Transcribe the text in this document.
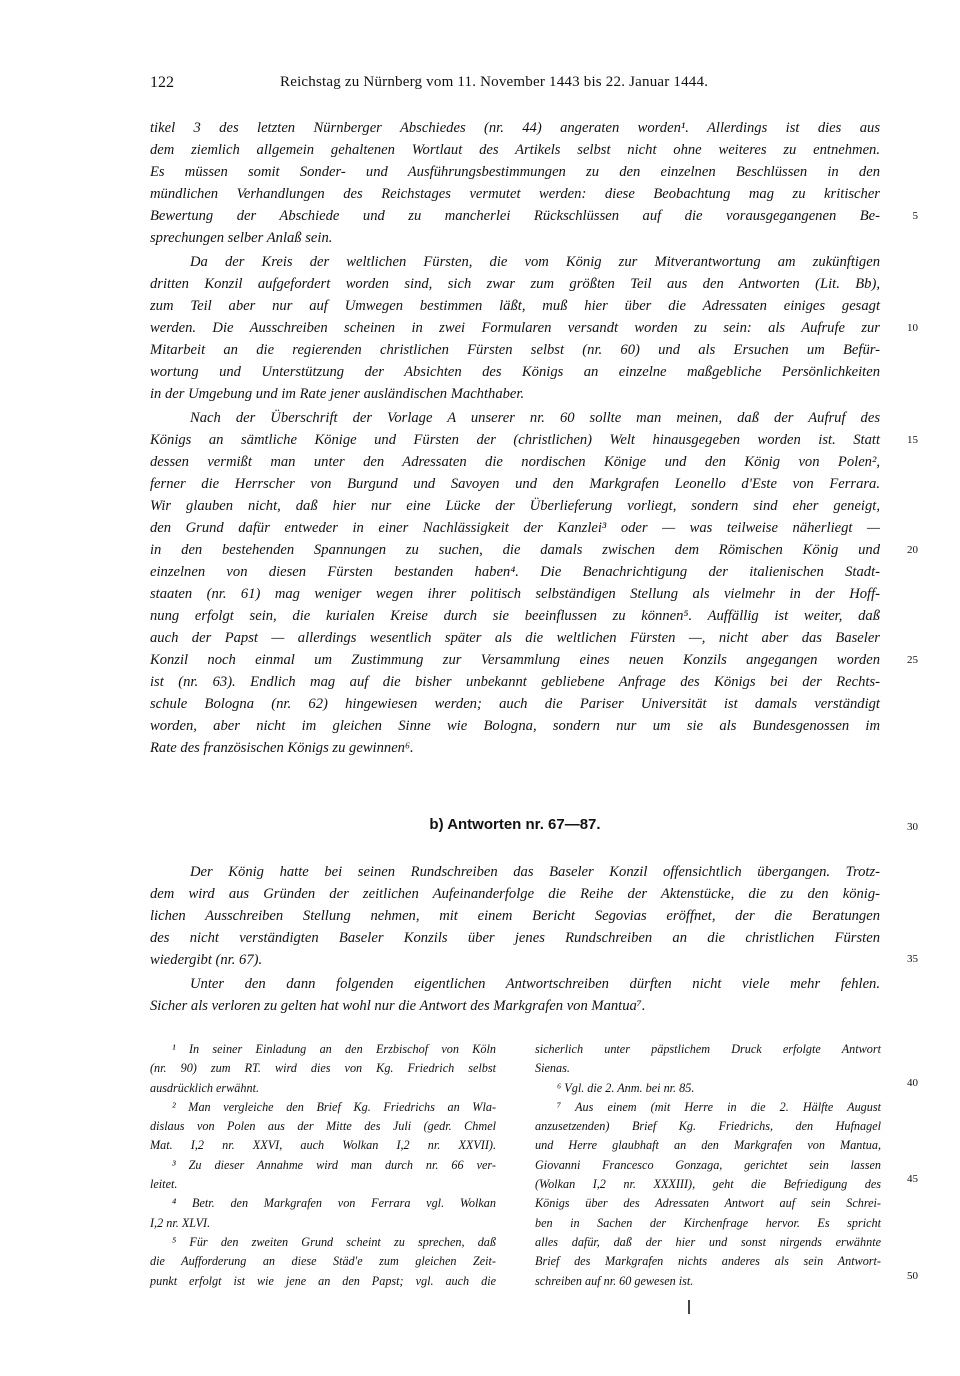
122	Reichstag zu Nürnberg vom 11. November 1443 bis 22. Januar 1444.
tikel 3 des letzten Nürnberger Abschiedes (nr. 44) angeraten worden¹. Allerdings ist dies aus
dem ziemlich allgemein gehaltenen Wortlaut des Artikels selbst nicht ohne weiteres zu entnehmen.
Es müssen somit Sonder- und Ausführungsbestimmungen zu den einzelnen Beschlüssen in den
mündlichen Verhandlungen des Reichstages vermutet werden: diese Beobachtung mag zu kritischer
Bewertung der Abschiede und zu mancherlei Rückschlüssen auf die vorausgegangenen Be-
sprechungen selber Anlaß sein.
Da der Kreis der weltlichen Fürsten, die vom König zur Mitverantwortung am zukünftigen
dritten Konzil aufgefordert worden sind, sich zwar zum größten Teil aus den Antworten (Lit. Bb),
zum Teil aber nur auf Umwegen bestimmen läßt, muß hier über die Adressaten einiges gesagt
werden. Die Ausschreiben scheinen in zwei Formularen versandt worden zu sein: als Aufrufe zur
Mitarbeit an die regierenden christlichen Fürsten selbst (nr. 60) und als Ersuchen um Befür-
wortung und Unterstützung der Absichten des Königs an einzelne maßgebliche Persönlichkeiten
in der Umgebung und im Rate jener ausländischen Machthaber.
Nach der Überschrift der Vorlage A unserer nr. 60 sollte man meinen, daß der Aufruf des
Königs an sämtliche Könige und Fürsten der (christlichen) Welt hinausgegeben worden ist. Statt
dessen vermißt man unter den Adressaten die nordischen Könige und den König von Polen²,
ferner die Herrscher von Burgund und Savoyen und den Markgrafen Leonello d'Este von Ferrara.
Wir glauben nicht, daß hier nur eine Lücke der Überlieferung vorliegt, sondern sind eher geneigt,
den Grund dafür entweder in einer Nachlässigkeit der Kanzlei³ oder — was teilweise näherliegt —
in den bestehenden Spannungen zu suchen, die damals zwischen dem Römischen König und
einzelnen von diesen Fürsten bestanden haben⁴. Die Benachrichtigung der italienischen Stadt-
staaten (nr. 61) mag weniger wegen ihrer politisch selbständigen Stellung als vielmehr in der Hoff-
nung erfolgt sein, die kurialen Kreise durch sie beeinflussen zu können⁵. Auffällig ist weiter, daß
auch der Papst — allerdings wesentlich später als die weltlichen Fürsten —, nicht aber das Baseler
Konzil noch einmal um Zustimmung zur Versammlung eines neuen Konzils angegangen worden
ist (nr. 63). Endlich mag auf die bisher unbekannt gebliebene Anfrage des Königs bei der Rechts-
schule Bologna (nr. 62) hingewiesen werden; auch die Pariser Universität ist damals verständigt
worden, aber nicht im gleichen Sinne wie Bologna, sondern nur um sie als Bundesgenossen im
Rate des französischen Königs zu gewinnen⁶.
5
10
15
20
25
30
35
40
45
50
b) Antworten nr. 67—87.
Der König hatte bei seinen Rundschreiben das Baseler Konzil offensichtlich übergangen. Trotz-
dem wird aus Gründen der zeitlichen Aufeinanderfolge die Reihe der Aktenstücke, die zu den könig-
lichen Ausschreiben Stellung nehmen, mit einem Bericht Segovias eröffnet, der die Beratungen
des nicht verständigten Baseler Konzils über jenes Rundschreiben an die christlichen Fürsten
wiedergibt (nr. 67).
Unter den dann folgenden eigentlichen Antwortschreiben dürften nicht viele mehr fehlen.
Sicher als verloren zu gelten hat wohl nur die Antwort des Markgrafen von Mantua⁷.
¹ In seiner Einladung an den Erzbischof von Köln
(nr. 90) zum RT. wird dies von Kg. Friedrich selbst
ausdrücklich erwähnt.
² Man vergleiche den Brief Kg. Friedrichs an Wla-
dislaus von Polen aus der Mitte des Juli (gedr. Chmel
Mat. I,2 nr. XXVI, auch Wolkan I,2 nr. XXVII).
³ Zu dieser Annahme wird man durch nr. 66 ver-
leitet.
⁴ Betr. den Markgrafen von Ferrara vgl. Wolkan
I,2 nr. XLVI.
⁵ Für den zweiten Grund scheint zu sprechen, daß
die Aufforderung an diese Städ'e zum gleichen Zeit-
punkt erfolgt ist wie jene an den Papst; vgl. auch die
sicherlich unter päpstlichem Druck erfolgte Antwort
Sienas.
⁶ Vgl. die 2. Anm. bei nr. 85.
⁷ Aus einem (mit Herre in die 2. Hälfte August
anzusetzenden) Brief Kg. Friedrichs, den Hufnagel
und Herre glaubhaft an den Markgrafen von Mantua,
Giovanni Francesco Gonzaga, gerichtet sein lassen
(Wolkan I,2 nr. XXXIII), geht die Befriedigung des
Königs über des Adressaten Antwort auf sein Schrei-
ben in Sachen der Kirchenfrage hervor. Es spricht
alles dafür, daß der hier und sonst nirgends erwähnte
Brief des Markgrafen nichts anderes als sein Antwort-
schreiben auf nr. 60 gewesen ist.
